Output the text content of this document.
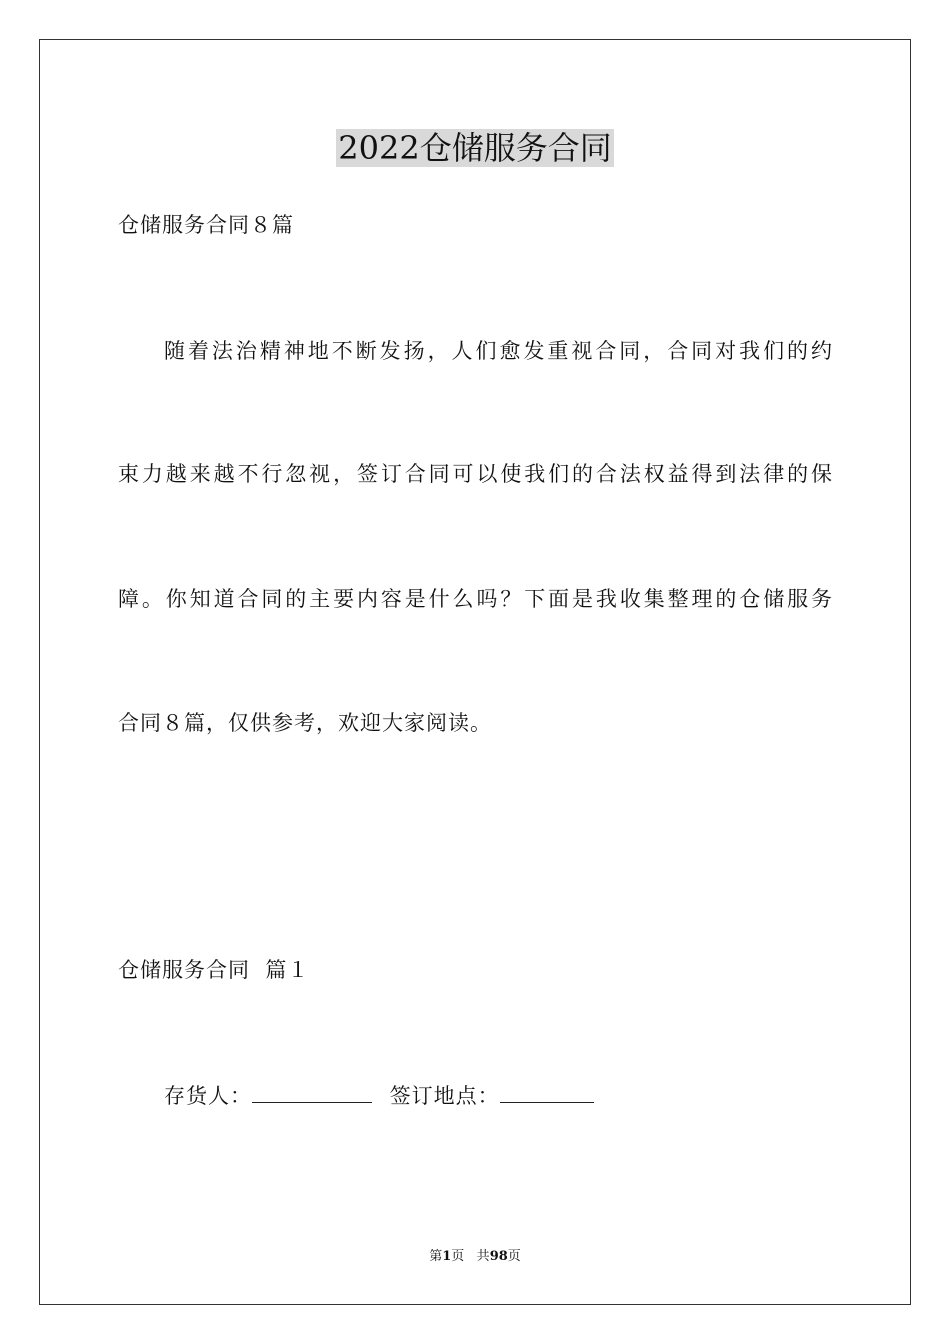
2022仓储服务合同
仓储服务合同８篇
随着法治精神地不断发扬，人们愈发重视合同，合同对我们的约
束力越来越不行忽视，签订合同可以使我们的合法权益得到法律的保
障。你知道合同的主要内容是什么吗？下面是我收集整理的仓储服务
合同８篇，仅供参考，欢迎大家阅读。
仓储服务合同  篇１
存货人：	签订地点：
第1页 共98页
